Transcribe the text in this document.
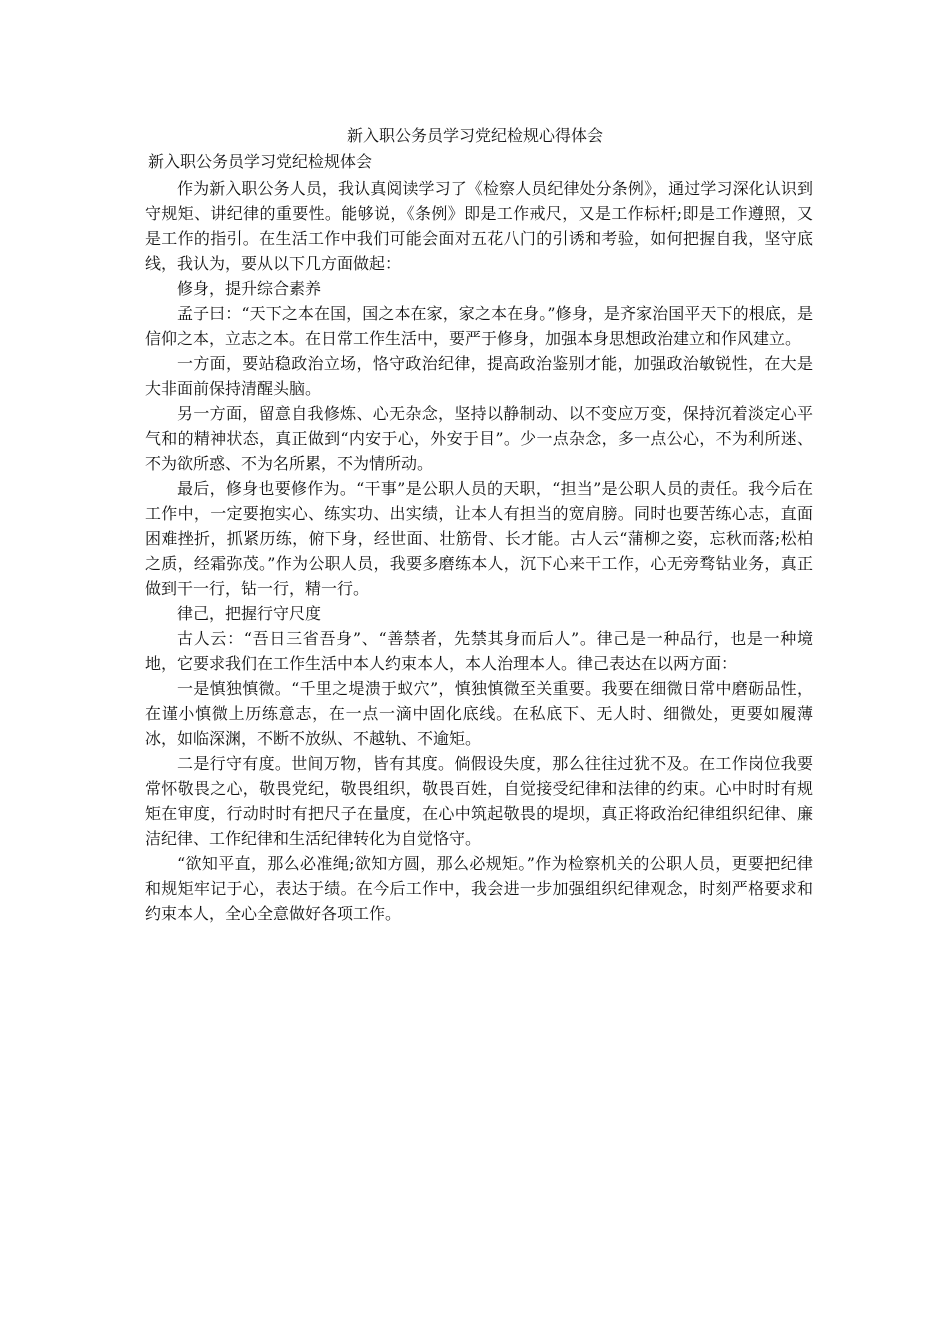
新入职公务员学习党纪检规心得体会
新入职公务员学习党纪检规体会

作为新入职公务人员，我认真阅读学习了《检察人员纪律处分条例》，通过学习深化认识到守规矩、讲纪律的重要性。能够说，《条例》即是工作戒尺，又是工作标杆;即是工作遵照，又是工作的指引。在生活工作中我们可能会面对五花八门的引诱和考验，如何把握自我，坚守底线，我认为，要从以下几方面做起：

修身，提升综合素养

孟子曰：“天下之本在国，国之本在家，家之本在身。”修身，是齐家治国平天下的根底，是信仰之本，立志之本。在日常工作生活中，要严于修身，加强本身思想政治建立和作风建立。

一方面，要站稳政治立场，恪守政治纪律，提高政治鉴别才能，加强政治敏锐性，在大是大非面前保持清醒头脑。

另一方面，留意自我修炼、心无杂念，坚持以静制动、以不变应万变，保持沉着淡定心平气和的精神状态，真正做到“内安于心，外安于目”。少一点杂念，多一点公心，不为利所迷、不为欲所惑、不为名所累，不为情所动。

最后，修身也要修作为。“干事”是公职人员的天职，“担当”是公职人员的责任。我今后在工作中，一定要抱实心、练实功、出实绩，让本人有担当的宽肩膀。同时也要苦练心志，直面困难挫折，抓紧历练，俯下身，经世面、壮筋骨、长才能。古人云“蒲柳之姿，忘秋而落;松柏之质，经霜弥茂。”作为公职人员，我要多磨练本人，沉下心来干工作，心无旁骛钻业务，真正做到干一行，钻一行，精一行。

律己，把握行守尺度

古人云：“吾日三省吾身”、“善禁者，先禁其身而后人”。律己是一种品行，也是一种境地，它要求我们在工作生活中本人约束本人，本人治理本人。律己表达在以两方面：

一是慎独慎微。“千里之堤溃于蚁穴”，慎独慎微至关重要。我要在细微日常中磨砺品性，在谨小慎微上历练意志，在一点一滴中固化底线。在私底下、无人时、细微处，更要如履薄冰，如临深渊，不断不放纵、不越轨、不逾矩。

二是行守有度。世间万物，皆有其度。倘假设失度，那么往往过犹不及。在工作岗位我要常怀敬畏之心，敬畏党纪，敬畏组织，敬畏百姓，自觉接受纪律和法律的约束。心中时时有规矩在审度，行动时时有把尺子在量度，在心中筑起敬畏的堤坝，真正将政治纪律组织纪律、廉洁纪律、工作纪律和生活纪律转化为自觉恪守。

“欲知平直，那么必准绳;欲知方圆，那么必规矩。”作为检察机关的公职人员，更要把纪律和规矩牢记于心，表达于绩。在今后工作中，我会进一步加强组织纪律观念，时刻严格要求和约束本人，全心全意做好各项工作。
